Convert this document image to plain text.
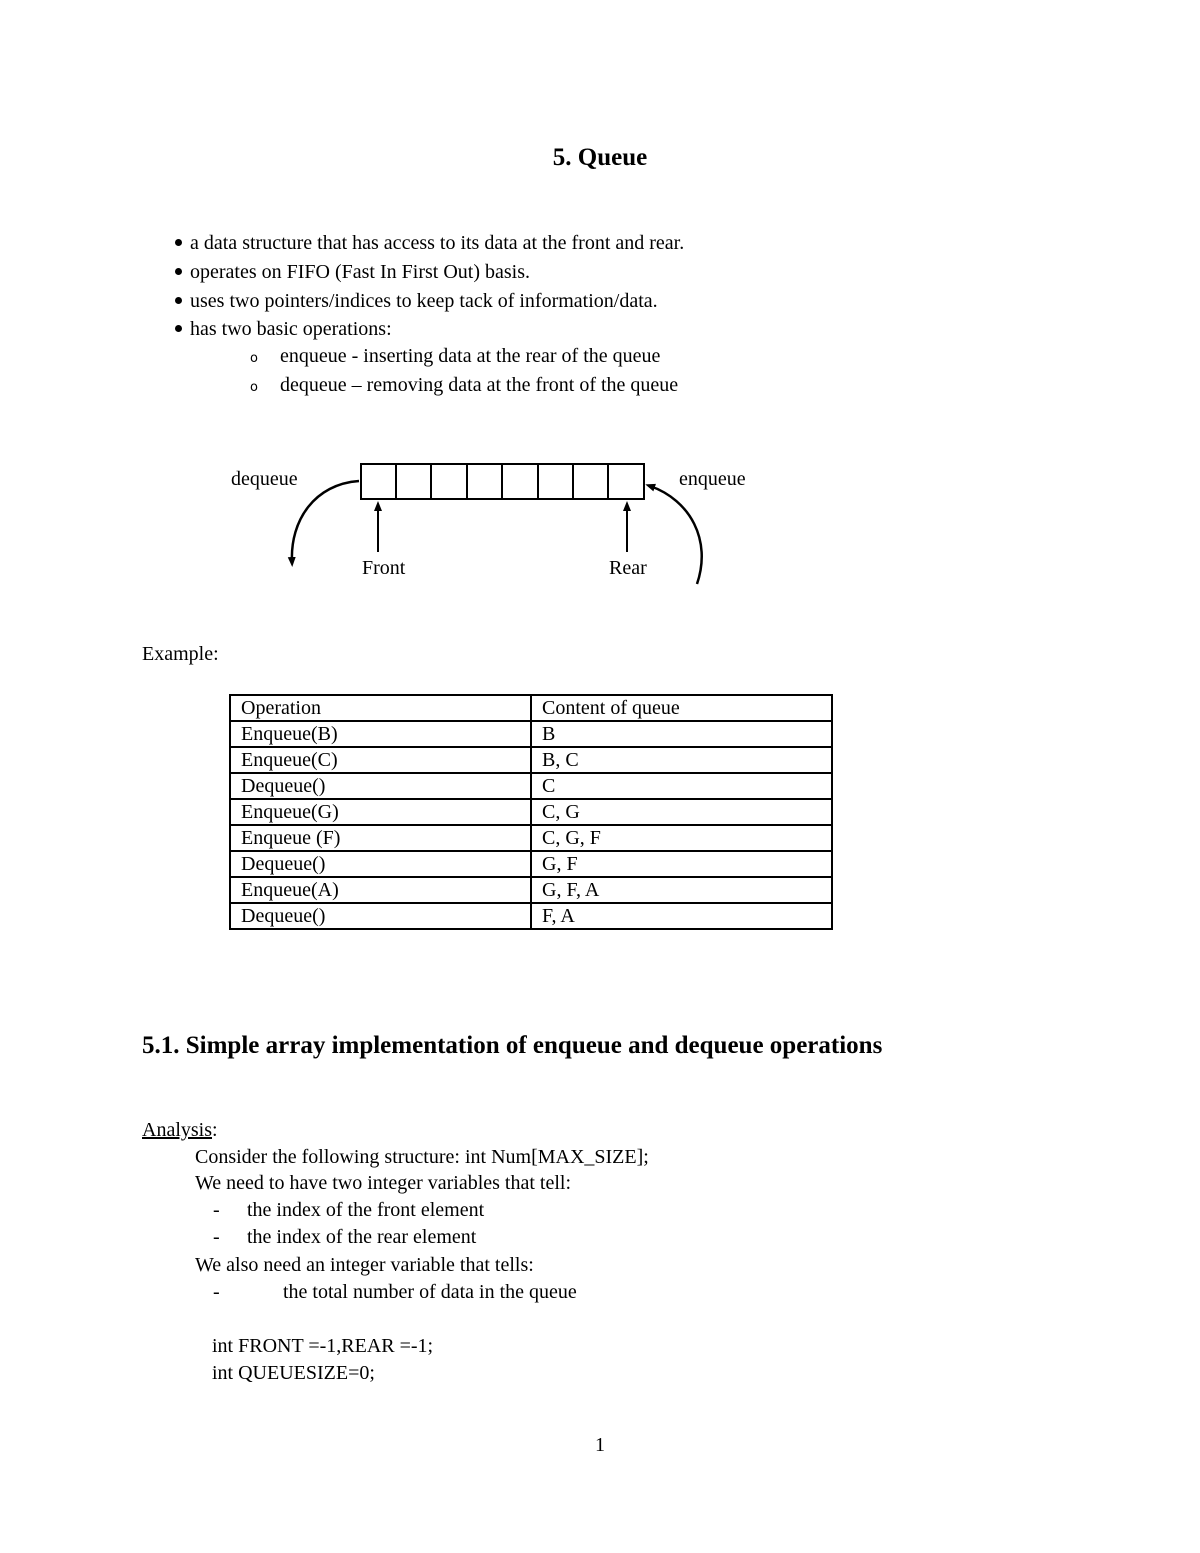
5. Queue
a data structure that has access to its data at the front and rear.
operates on FIFO (Fast In First Out) basis.
uses two pointers/indices to keep tack of information/data.
has two basic operations:
o enqueue - inserting data at the rear of the queue
o dequeue – removing data at the front of the queue
dequeue	enqueue
Front	Rear
Example:
Operation	Content of queue
Enqueue(B)	B
Enqueue(C)	B, C
Dequeue()	C
Enqueue(G)	C, G
Enqueue (F)	C, G, F
Dequeue()	G, F
Enqueue(A)	G, F, A
Dequeue()	F, A
5.1. Simple array implementation of enqueue and dequeue operations
Analysis:
Consider the following structure: int Num[MAX_SIZE];
We need to have two integer variables that tell:
- the index of the front element
- the index of the rear element
We also need an integer variable that tells:
-	the total number of data in the queue
int FRONT =-1,REAR =-1;
int QUEUESIZE=0;
1
